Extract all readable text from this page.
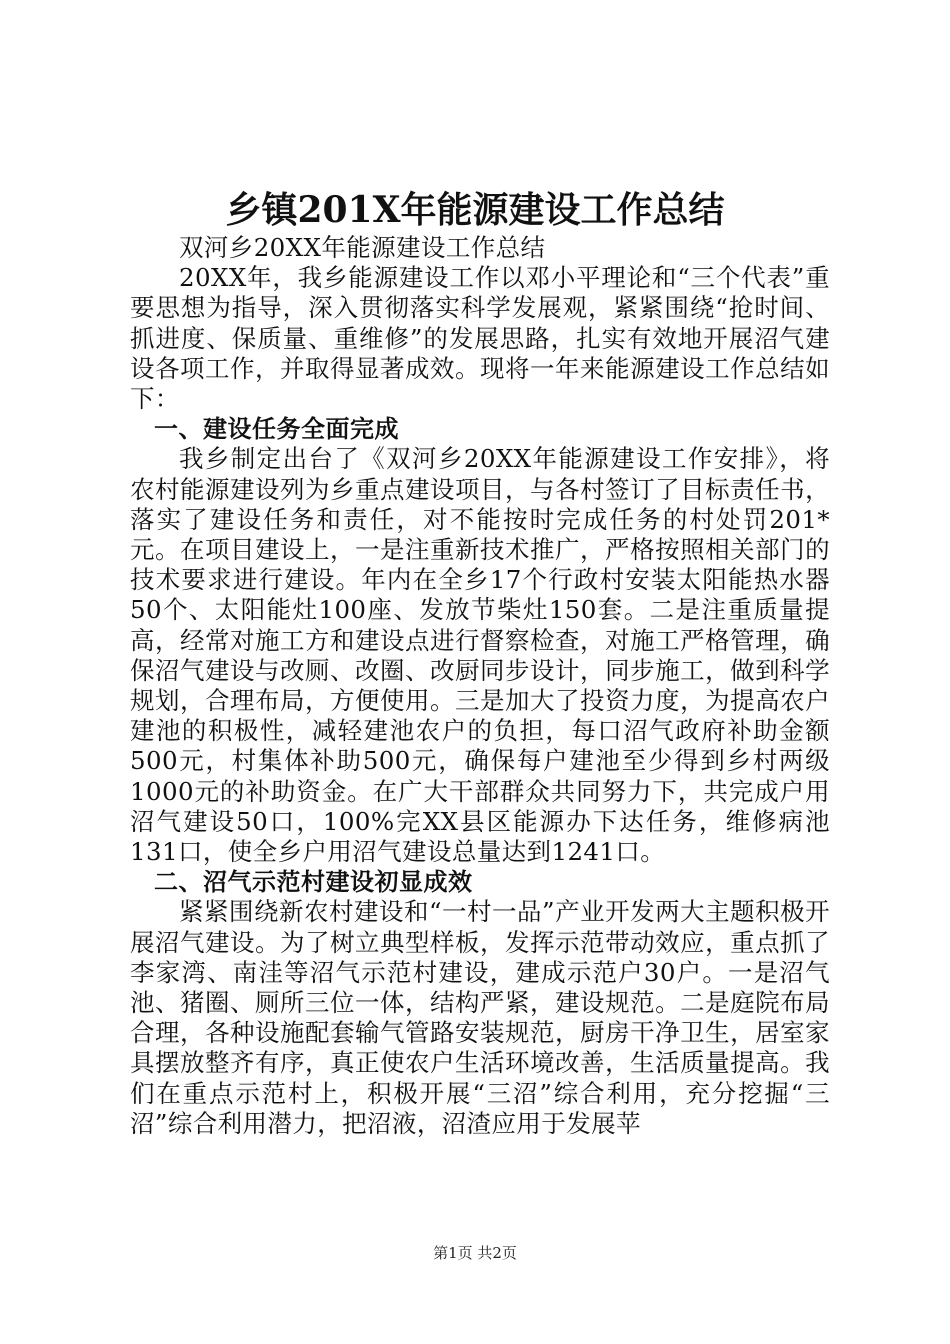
乡镇201X年能源建设工作总结

双河乡20XX年能源建设工作总结

20XX年，我乡能源建设工作以邓小平理论和“三个代表”重要思想为指导，深入贯彻落实科学发展观，紧紧围绕“抢时间、抓进度、保质量、重维修”的发展思路，扎实有效地开展沼气建设各项工作，并取得显著成效。现将一年来能源建设工作总结如下：

一、建设任务全面完成

我乡制定出台了《双河乡20XX年能源建设工作安排》，将农村能源建设列为乡重点建设项目，与各村签订了目标责任书，落实了建设任务和责任，对不能按时完成任务的村处罚201*元。在项目建设上，一是注重新技术推广，严格按照相关部门的技术要求进行建设。年内在全乡17个行政村安装太阳能热水器50个、太阳能灶100座、发放节柴灶150套。二是注重质量提高，经常对施工方和建设点进行督察检查，对施工严格管理，确保沼气建设与改厕、改圈、改厨同步设计，同步施工，做到科学规划，合理布局，方便使用。三是加大了投资力度，为提高农户建池的积极性，减轻建池农户的负担，每口沼气政府补助金额500元，村集体补助500元，确保每户建池至少得到乡村两级1000元的补助资金。在广大干部群众共同努力下，共完成户用沼气建设50口，100%完XX县区能源办下达任务，维修病池131口，使全乡户用沼气建设总量达到1241口。

二、沼气示范村建设初显成效

紧紧围绕新农村建设和“一村一品”产业开发两大主题积极开展沼气建设。为了树立典型样板，发挥示范带动效应，重点抓了李家湾、南洼等沼气示范村建设，建成示范户30户。一是沼气池、猪圈、厕所三位一体，结构严紧，建设规范。二是庭院布局合理，各种设施配套输气管路安装规范，厨房干净卫生，居室家具摆放整齐有序，真正使农户生活环境改善，生活质量提高。我们在重点示范村上，积极开展“三沼”综合利用，充分挖掘“三沼”综合利用潜力，把沼液，沼渣应用于发展苹

第1页 共2页
